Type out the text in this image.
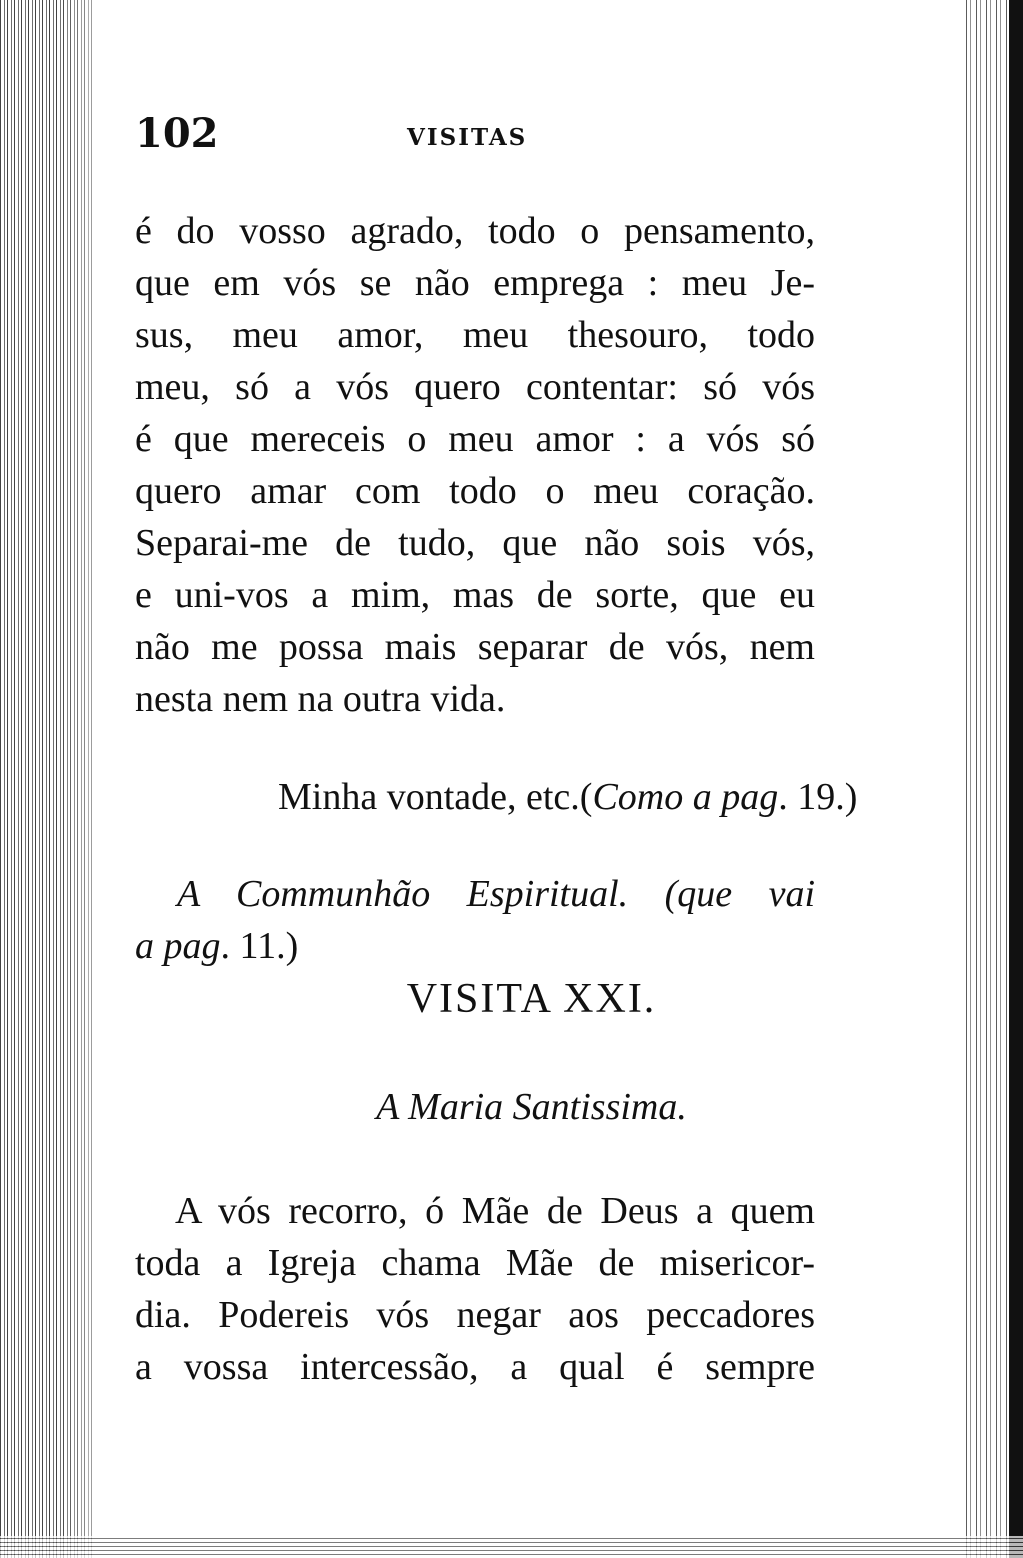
102	VISITAS
é do vosso agrado, todo o pensamento,
que em vós se não emprega : meu Je-
sus, meu amor, meu thesouro, todo
meu, só a vós quero contentar: só vós
é que mereceis o meu amor : a vós só
quero amar com todo o meu coração.
Separai-me de tudo, que não sois vós,
e uni-vos a mim, mas de sorte, que eu
não me possa mais separar de vós, nem
nesta nem na outra vida.
Minha vontade, etc.(Como a pag. 19.)
A Communhão Espiritual. (que vai
a pag. 11.)
VISITA XXI.
A Maria Santissima.
A vós recorro, ó Mãe de Deus a quem
toda a Igreja chama Mãe de misericor-
dia. Podereis vós negar aos peccadores
a vossa intercessão, a qual é sempre
